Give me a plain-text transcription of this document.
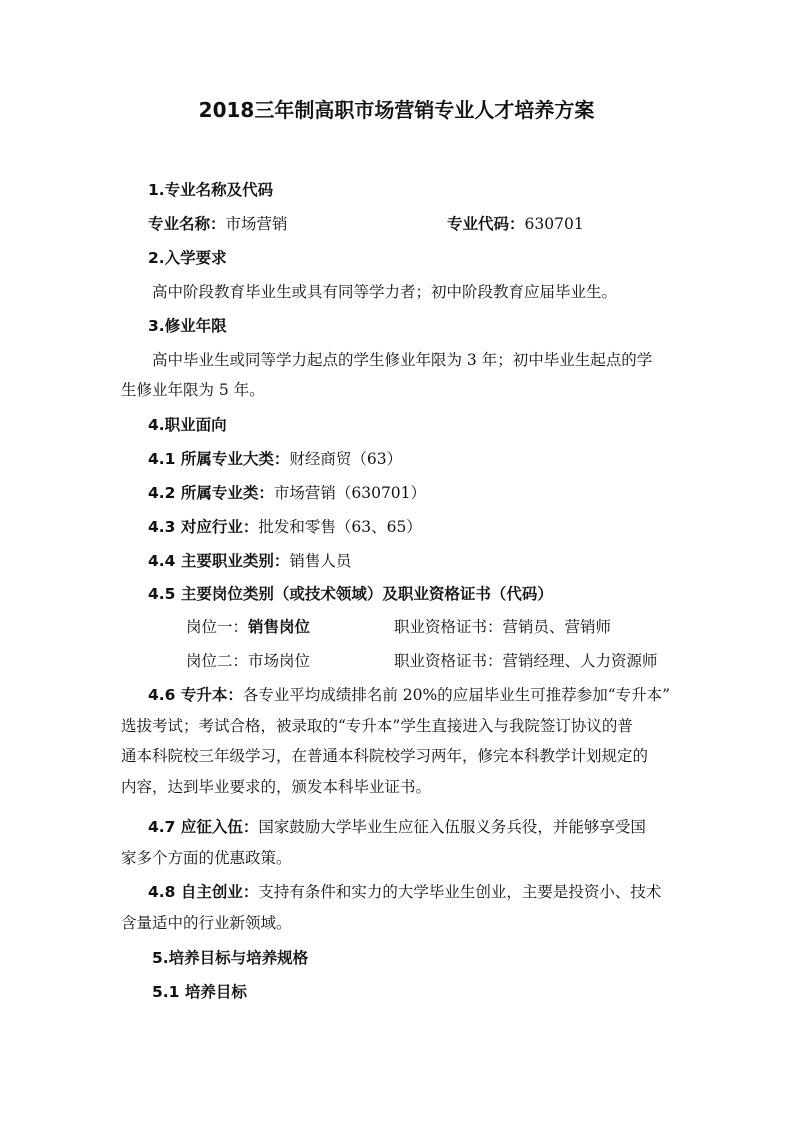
2018三年制高职市场营销专业人才培养方案
1.专业名称及代码
专业名称：市场营销	专业代码：630701
2.入学要求
高中阶段教育毕业生或具有同等学力者；初中阶段教育应届毕业生。
3.修业年限
高中毕业生或同等学力起点的学生修业年限为 3 年；初中毕业生起点的学
生修业年限为 5 年。
4.职业面向
4.1 所属专业大类：财经商贸（63）
4.2 所属专业类：市场营销（630701）
4.3 对应行业：批发和零售（63、65）
4.4 主要职业类别：销售人员
4.5 主要岗位类别（或技术领域）及职业资格证书（代码）
岗位一：销售岗位	职业资格证书：营销员、营销师
岗位二：市场岗位	职业资格证书：营销经理、人力资源师
4.6 专升本：各专业平均成绩排名前 20%的应届毕业生可推荐参加“专升本”
选拔考试；考试合格，被录取的“专升本”学生直接进入与我院签订协议的普
通本科院校三年级学习，在普通本科院校学习两年，修完本科教学计划规定的
内容，达到毕业要求的，颁发本科毕业证书。
4.7 应征入伍：国家鼓励大学毕业生应征入伍服义务兵役，并能够享受国
家多个方面的优惠政策。
4.8 自主创业：支持有条件和实力的大学毕业生创业，主要是投资小、技术
含量适中的行业新领域。
5.培养目标与培养规格
5.1 培养目标
